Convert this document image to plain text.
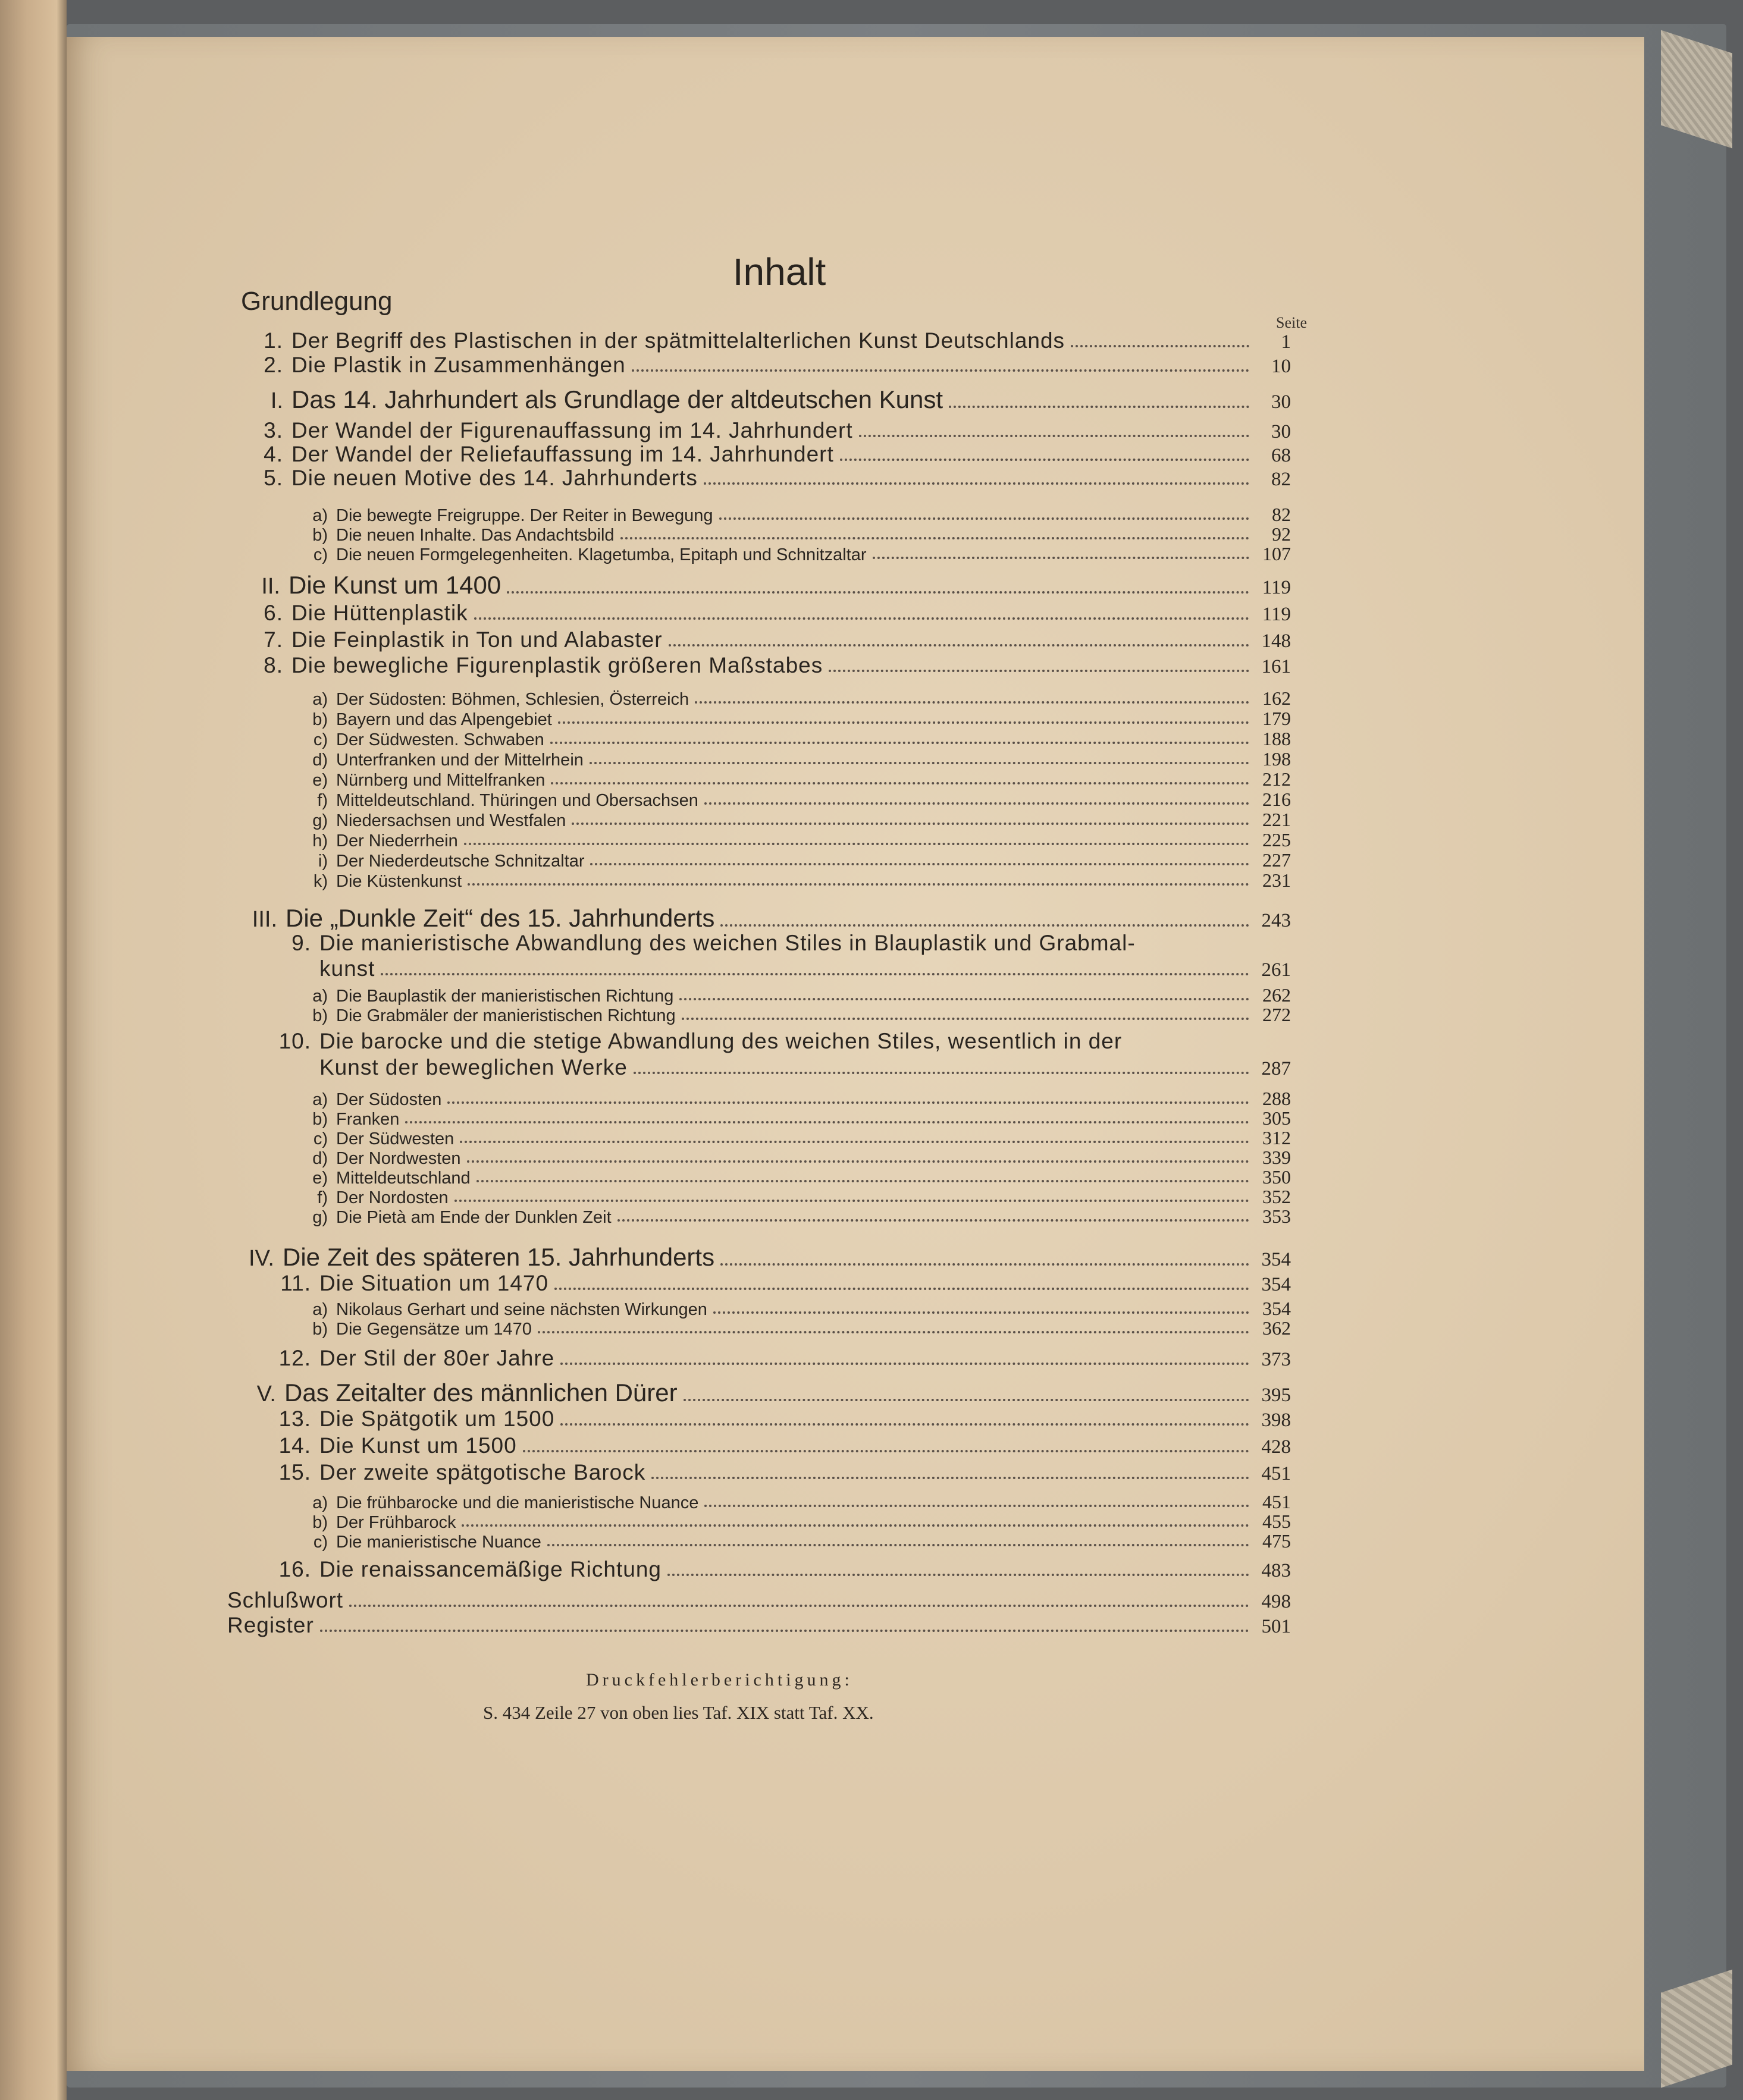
Inhalt
Seite
Druckfehlerberichtigung:
S. 434 Zeile 27 von oben lies Taf. XIX statt Taf. XX.
Grundlegung
1. Der Begriff des Plastischen in der spätmittelalterlichen Kunst Deutschlands	1
2. Die Plastik in Zusammenhängen	10
I. Das 14. Jahrhundert als Grundlage der altdeutschen Kunst	30
3. Der Wandel der Figurenauffassung im 14. Jahrhundert	30
4. Der Wandel der Reliefauffassung im 14. Jahrhundert	68
5. Die neuen Motive des 14. Jahrhunderts	82
a) Die bewegte Freigruppe. Der Reiter in Bewegung	82
b) Die neuen Inhalte. Das Andachtsbild	92
c) Die neuen Formgelegenheiten. Klagetumba, Epitaph und Schnitzaltar	107
II. Die Kunst um 1400	119
6. Die Hüttenplastik	119
7. Die Feinplastik in Ton und Alabaster	148
8. Die bewegliche Figurenplastik größeren Maßstabes	161
a) Der Südosten: Böhmen, Schlesien, Österreich	162
b) Bayern und das Alpengebiet	179
c) Der Südwesten. Schwaben	188
d) Unterfranken und der Mittelrhein	198
e) Nürnberg und Mittelfranken	212
f) Mitteldeutschland. Thüringen und Obersachsen	216
g) Niedersachsen und Westfalen	221
h) Der Niederrhein	225
i) Der Niederdeutsche Schnitzaltar	227
k) Die Küstenkunst	231
III. Die „Dunkle Zeit“ des 15. Jahrhunderts	243
9. Die manieristische Abwandlung des weichen Stiles in Blauplastik und Grabmal-
kunst	261
a) Die Bauplastik der manieristischen Richtung	262
b) Die Grabmäler der manieristischen Richtung	272
10. Die barocke und die stetige Abwandlung des weichen Stiles, wesentlich in der
Kunst der beweglichen Werke	287
a) Der Südosten	288
b) Franken	305
c) Der Südwesten	312
d) Der Nordwesten	339
e) Mitteldeutschland	350
f) Der Nordosten	352
g) Die Pietà am Ende der Dunklen Zeit	353
IV. Die Zeit des späteren 15. Jahrhunderts	354
11. Die Situation um 1470	354
a) Nikolaus Gerhart und seine nächsten Wirkungen	354
b) Die Gegensätze um 1470	362
12. Der Stil der 80er Jahre	373
V. Das Zeitalter des männlichen Dürer	395
13. Die Spätgotik um 1500	398
14. Die Kunst um 1500	428
15. Der zweite spätgotische Barock	451
a) Die frühbarocke und die manieristische Nuance	451
b) Der Frühbarock	455
c) Die manieristische Nuance	475
16. Die renaissancemäßige Richtung	483
Schlußwort	498
Register	501
